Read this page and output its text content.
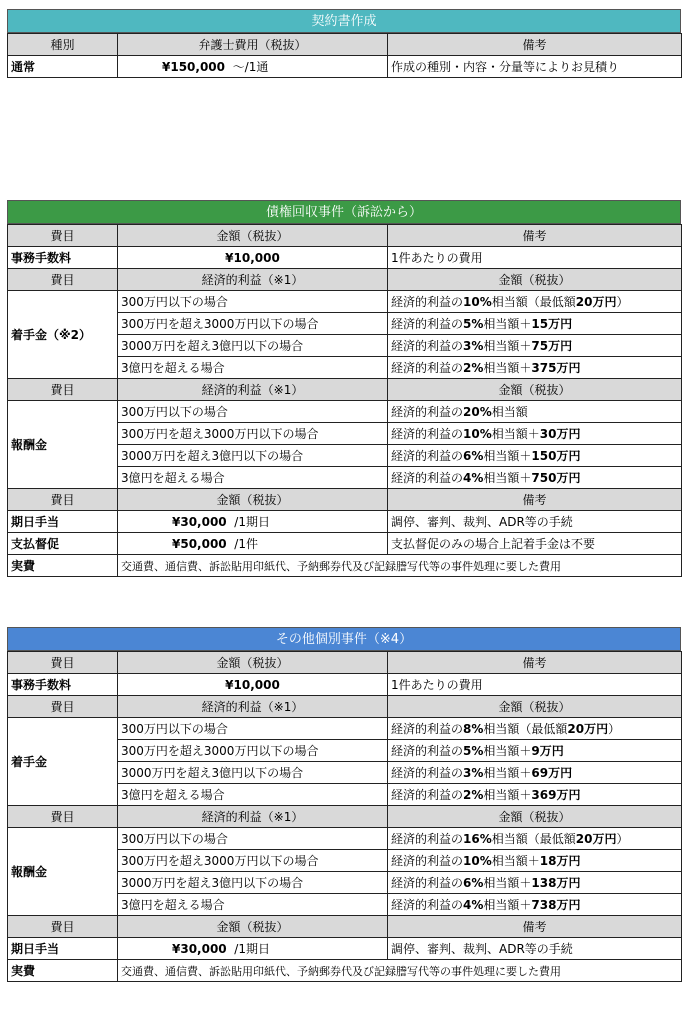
契約書作成
種別	弁護士費用（税抜）	備考
通常	¥150,000 〜/1通	作成の種別・内容・分量等によりお見積り
債権回収事件（訴訟から）
費目	金額（税抜）	備考
事務手数料	¥10,000	1件あたりの費用
費目	経済的利益（※1）	金額（税抜）
着手金（※2）	300万円以下の場合	経済的利益の10%相当額（最低額20万円）
	300万円を超え3000万円以下の場合	経済的利益の5%相当額＋15万円
	3000万円を超え3億円以下の場合	経済的利益の3%相当額＋75万円
	3億円を超える場合	経済的利益の2%相当額＋375万円
費目	経済的利益（※1）	金額（税抜）
報酬金	300万円以下の場合	経済的利益の20%相当額
	300万円を超え3000万円以下の場合	経済的利益の10%相当額＋30万円
	3000万円を超え3億円以下の場合	経済的利益の6%相当額＋150万円
	3億円を超える場合	経済的利益の4%相当額＋750万円
費目	金額（税抜）	備考
期日手当	¥30,000 /1期日	調停、審判、裁判、ADR等の手続
支払督促	¥50,000 /1件	支払督促のみの場合上記着手金は不要
実費	交通費、通信費、訴訟貼用印紙代、予納郵券代及び記録謄写代等の事件処理に要した費用	
その他個別事件（※4）
費目	金額（税抜）	備考
事務手数料	¥10,000	1件あたりの費用
費目	経済的利益（※1）	金額（税抜）
着手金	300万円以下の場合	経済的利益の8%相当額（最低額20万円）
	300万円を超え3000万円以下の場合	経済的利益の5%相当額＋9万円
	3000万円を超え3億円以下の場合	経済的利益の3%相当額＋69万円
	3億円を超える場合	経済的利益の2%相当額＋369万円
費目	経済的利益（※1）	金額（税抜）
報酬金	300万円以下の場合	経済的利益の16%相当額（最低額20万円）
	300万円を超え3000万円以下の場合	経済的利益の10%相当額＋18万円
	3000万円を超え3億円以下の場合	経済的利益の6%相当額＋138万円
	3億円を超える場合	経済的利益の4%相当額＋738万円
費目	金額（税抜）	備考
期日手当	¥30,000 /1期日	調停、審判、裁判、ADR等の手続
実費	交通費、通信費、訴訟貼用印紙代、予納郵券代及び記録謄写代等の事件処理に要した費用	
